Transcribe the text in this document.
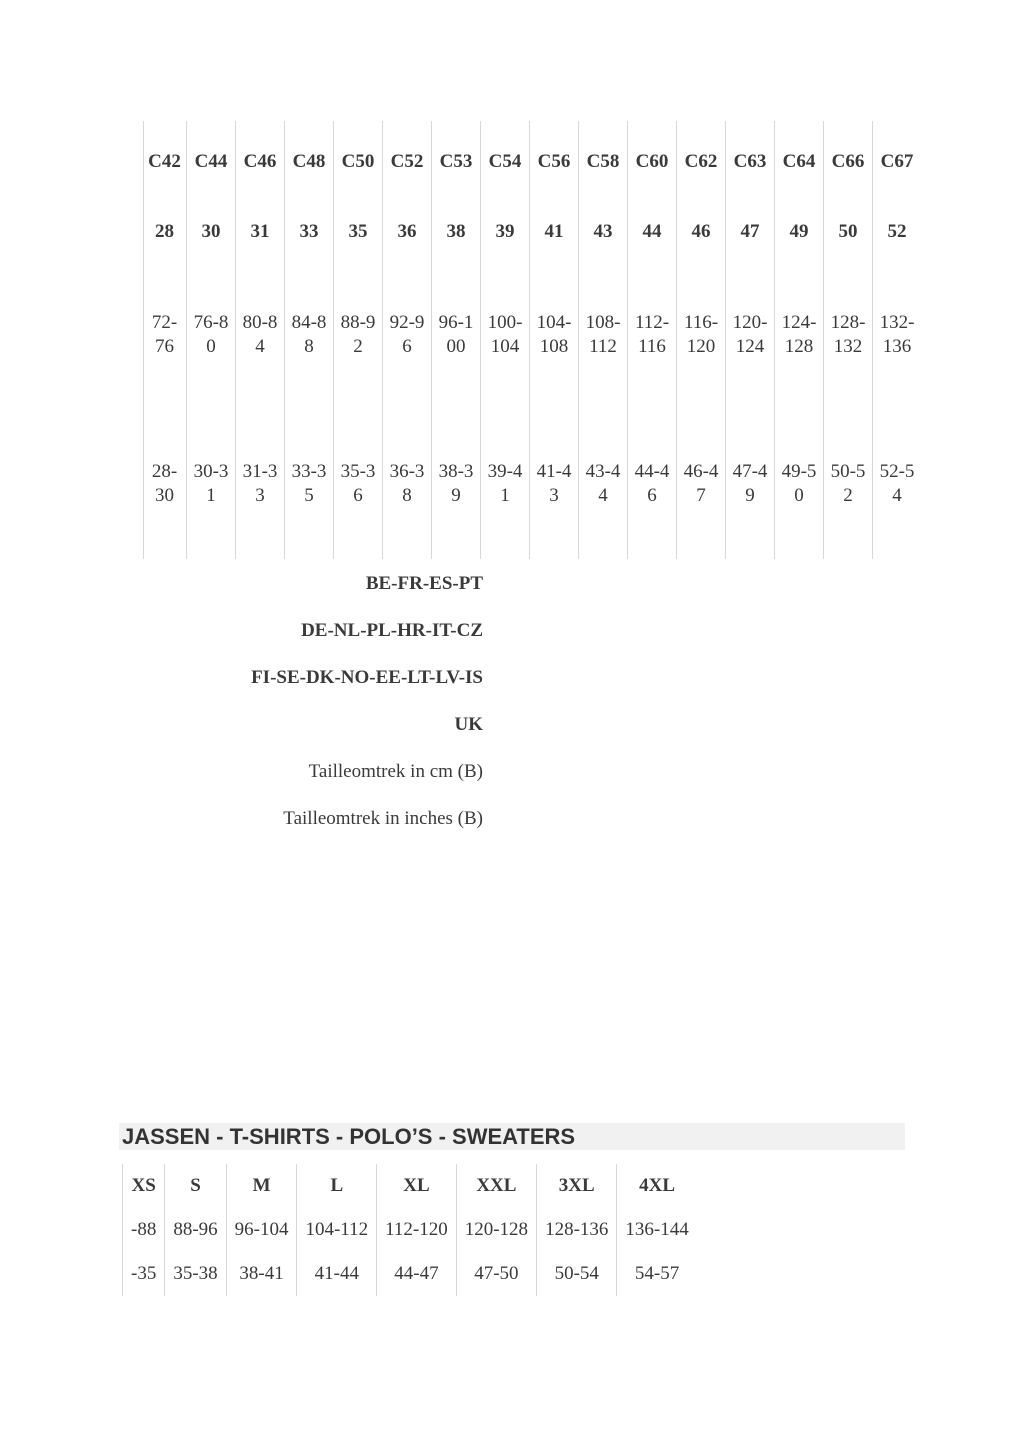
C42	C44	C46	C48	C50	C52	C53	C54	C56	C58	C60	C62	C63	C64	C66	C67
28	30	31	33	35	36	38	39	41	43	44	46	47	49	50	52
72-76	76-80	80-84	84-88	88-92	92-96	96-100	100-104	104-108	108-112	112-116	116-120	120-124	124-128	128-132	132-136
28-30	30-31	31-33	33-35	35-36	36-38	38-39	39-41	41-43	43-44	44-46	46-47	47-49	49-50	50-52	52-54
BE-FR-ES-PT
DE-NL-PL-HR-IT-CZ
FI-SE-DK-NO-EE-LT-LV-IS
UK
Tailleomtrek in cm (B)
Tailleomtrek in inches (B)
JASSEN - T-SHIRTS - POLO’S - SWEATERS
XS	S	M	L	XL	XXL	3XL	4XL
-88	88-96	96-104	104-112	112-120	120-128	128-136	136-144
-35	35-38	38-41	41-44	44-47	47-50	50-54	54-57
